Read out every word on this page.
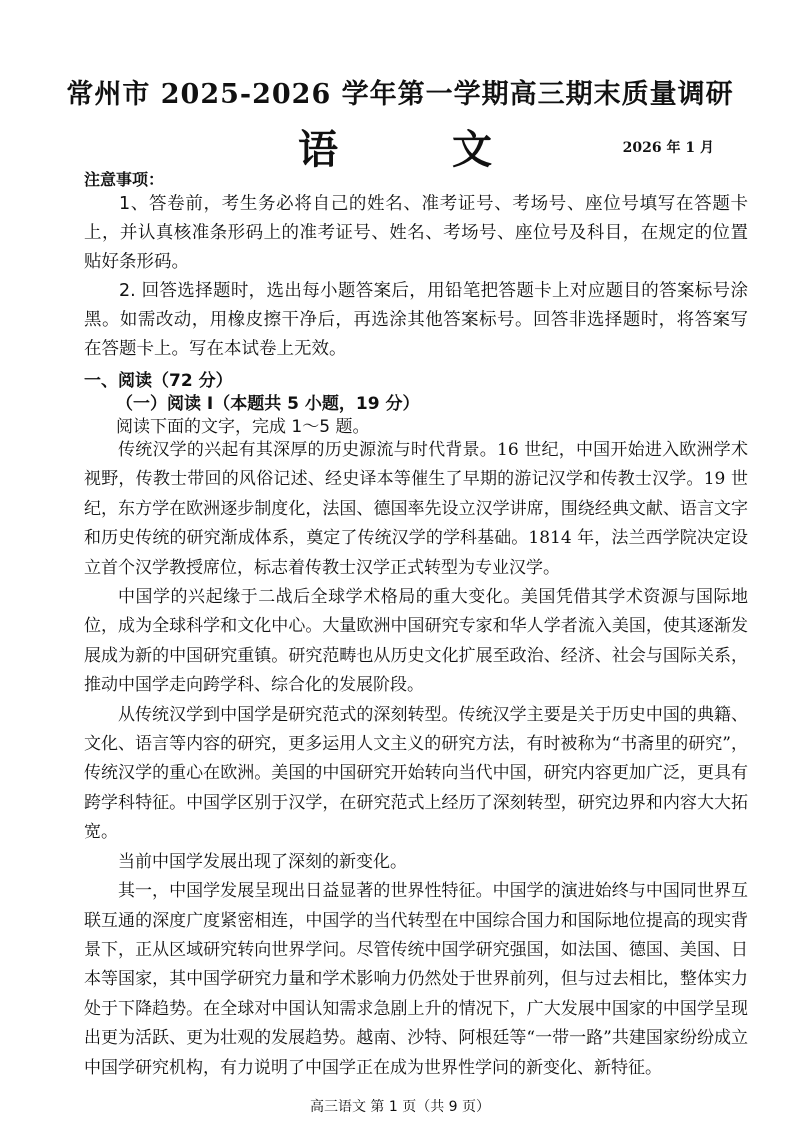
常州市 2025-2026 学年第一学期高三期末质量调研
语 文	2026 年 1 月
注意事项：

1、答卷前，考生务必将自己的姓名、准考证号、考场号、座位号填写在答题卡上，并认真核准条形码上的准考证号、姓名、考场号、座位号及科目，在规定的位置贴好条形码。

2. 回答选择题时，选出每小题答案后，用铅笔把答题卡上对应题目的答案标号涂黑。如需改动，用橡皮擦干净后，再选涂其他答案标号。回答非选择题时，将答案写在答题卡上。写在本试卷上无效。

一、阅读（72 分）
（一）阅读 I（本题共 5 小题，19 分）
阅读下面的文字，完成 1～5 题。

传统汉学的兴起有其深厚的历史源流与时代背景。16 世纪，中国开始进入欧洲学术视野，传教士带回的风俗记述、经史译本等催生了早期的游记汉学和传教士汉学。19 世纪，东方学在欧洲逐步制度化，法国、德国率先设立汉学讲席，围绕经典文献、语言文字和历史传统的研究渐成体系，奠定了传统汉学的学科基础。1814 年，法兰西学院决定设立首个汉学教授席位，标志着传教士汉学正式转型为专业汉学。

中国学的兴起缘于二战后全球学术格局的重大变化。美国凭借其学术资源与国际地位，成为全球科学和文化中心。大量欧洲中国研究专家和华人学者流入美国，使其逐渐发展成为新的中国研究重镇。研究范畴也从历史文化扩展至政治、经济、社会与国际关系，推动中国学走向跨学科、综合化的发展阶段。

从传统汉学到中国学是研究范式的深刻转型。传统汉学主要是关于历史中国的典籍、文化、语言等内容的研究，更多运用人文主义的研究方法，有时被称为“书斋里的研究”，传统汉学的重心在欧洲。美国的中国研究开始转向当代中国，研究内容更加广泛，更具有跨学科特征。中国学区别于汉学，在研究范式上经历了深刻转型，研究边界和内容大大拓宽。

当前中国学发展出现了深刻的新变化。

其一，中国学发展呈现出日益显著的世界性特征。中国学的演进始终与中国同世界互联互通的深度广度紧密相连，中国学的当代转型在中国综合国力和国际地位提高的现实背景下，正从区域研究转向世界学问。尽管传统中国学研究强国，如法国、德国、美国、日本等国家，其中国学研究力量和学术影响力仍然处于世界前列，但与过去相比，整体实力处于下降趋势。在全球对中国认知需求急剧上升的情况下，广大发展中国家的中国学呈现出更为活跃、更为壮观的发展趋势。越南、沙特、阿根廷等“一带一路”共建国家纷纷成立中国学研究机构，有力说明了中国学正在成为世界性学问的新变化、新特征。

高三语文 第 1 页（共 9 页）
